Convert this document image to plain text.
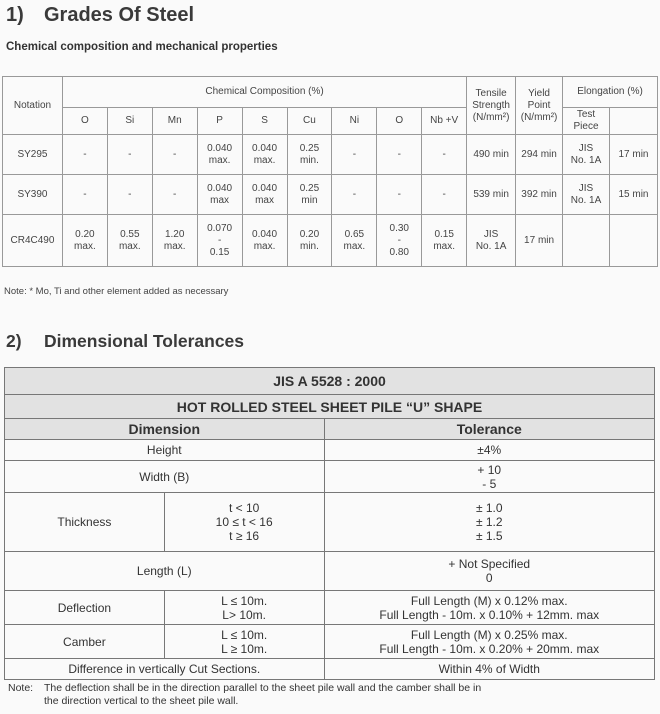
1) Grades Of Steel
Chemical composition and mechanical properties
Notation	Chemical Composition (%)									Tensile
Strength
(N/mm²)	Yield
Point
(N/mm²)	Elongation (%)	
	O	Si	Mn	P	S	Cu	Ni	O	Nb +V			Test
Piece	
SY295	-	-	-	0.040
max.	0.040
max.	0.25
min.	-	-	-	490 min	294 min	JIS
No. 1A	17 min
SY390	-	-	-	0.040
max	0.040
max	0.25
min	-	-	-	539 min	392 min	JIS
No. 1A	15 min
CR4C490	0.20
max.	0.55
max.	1.20
max.	0.070
-
0.15	0.040
max.	0.20
min.	0.65
max.	0.30
-
0.80	0.15
max.	JIS
No. 1A	17 min		
Note: * Mo, Ti and other element added as necessary
2) Dimensional Tolerances
JIS A 5528 : 2000		
HOT ROLLED STEEL SHEET PILE “U” SHAPE		
Dimension		Tolerance
Height		±4%
Width (B)		+ 10
- 5
Thickness	t < 10
10 ≤ t < 16
t ≥ 16	± 1.0
± 1.2
± 1.5
Length (L)		+ Not Specified
0
Deflection	L ≤ 10m.
L> 10m.	Full Length (M) x 0.12% max.
Full Length - 10m. x 0.10% + 12mm. max
Camber	L ≤ 10m.
L ≥ 10m.	Full Length (M) x 0.25% max.
Full Length - 10m. x 0.20% + 20mm. max
Difference in vertically Cut Sections.		Within 4% of Width
Note: The deflection shall be in the direction parallel to the sheet pile wall and the camber shall be in
the direction vertical to the sheet pile wall.
